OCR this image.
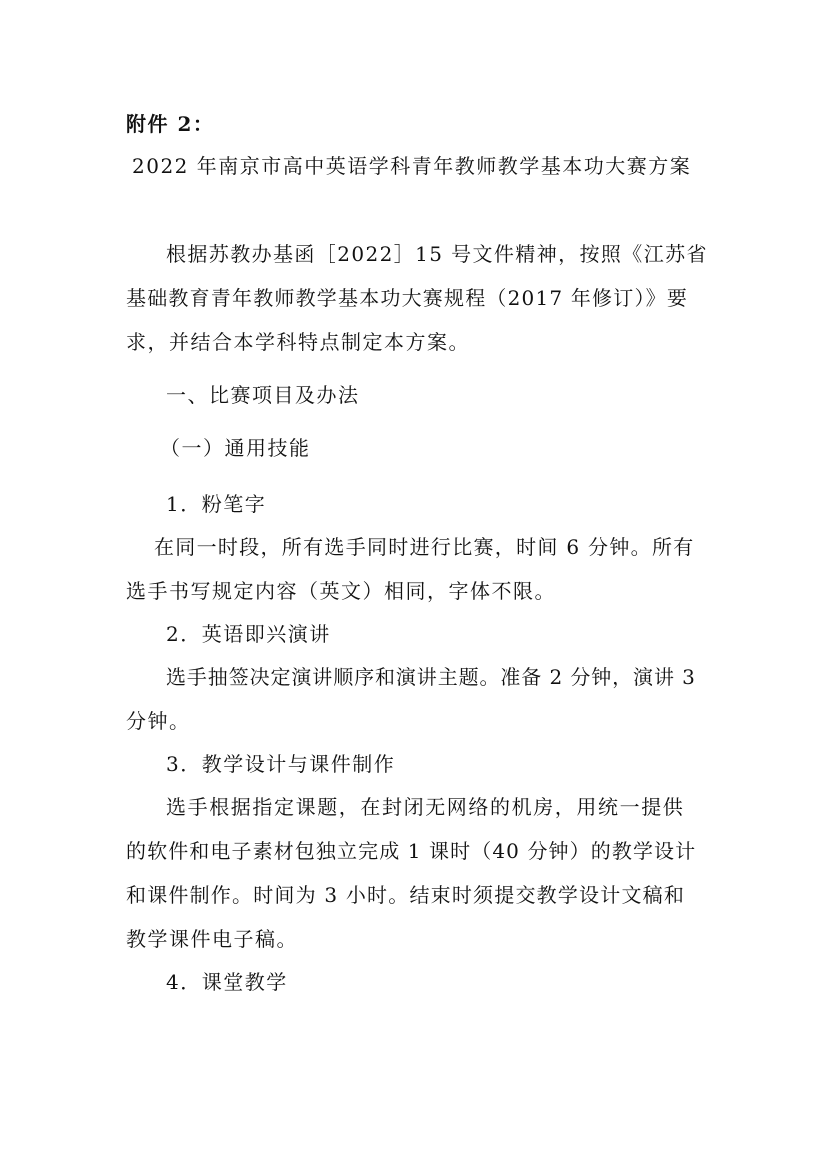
附件 2：
2022 年南京市高中英语学科青年教师教学基本功大赛方案
根据苏教办基函［2022］15 号文件精神，按照《江苏省
基础教育青年教师教学基本功大赛规程（2017 年修订）》要
求，并结合本学科特点制定本方案。
一、比赛项目及办法
（一）通用技能
1．粉笔字
在同一时段，所有选手同时进行比赛，时间 6 分钟。所有
选手书写规定内容（英文）相同，字体不限。
2．英语即兴演讲
选手抽签决定演讲顺序和演讲主题。准备 2 分钟，演讲 3
分钟。
3．教学设计与课件制作
选手根据指定课题，在封闭无网络的机房，用统一提供
的软件和电子素材包独立完成 1 课时（40 分钟）的教学设计
和课件制作。时间为 3 小时。结束时须提交教学设计文稿和
教学课件电子稿。
4．课堂教学
